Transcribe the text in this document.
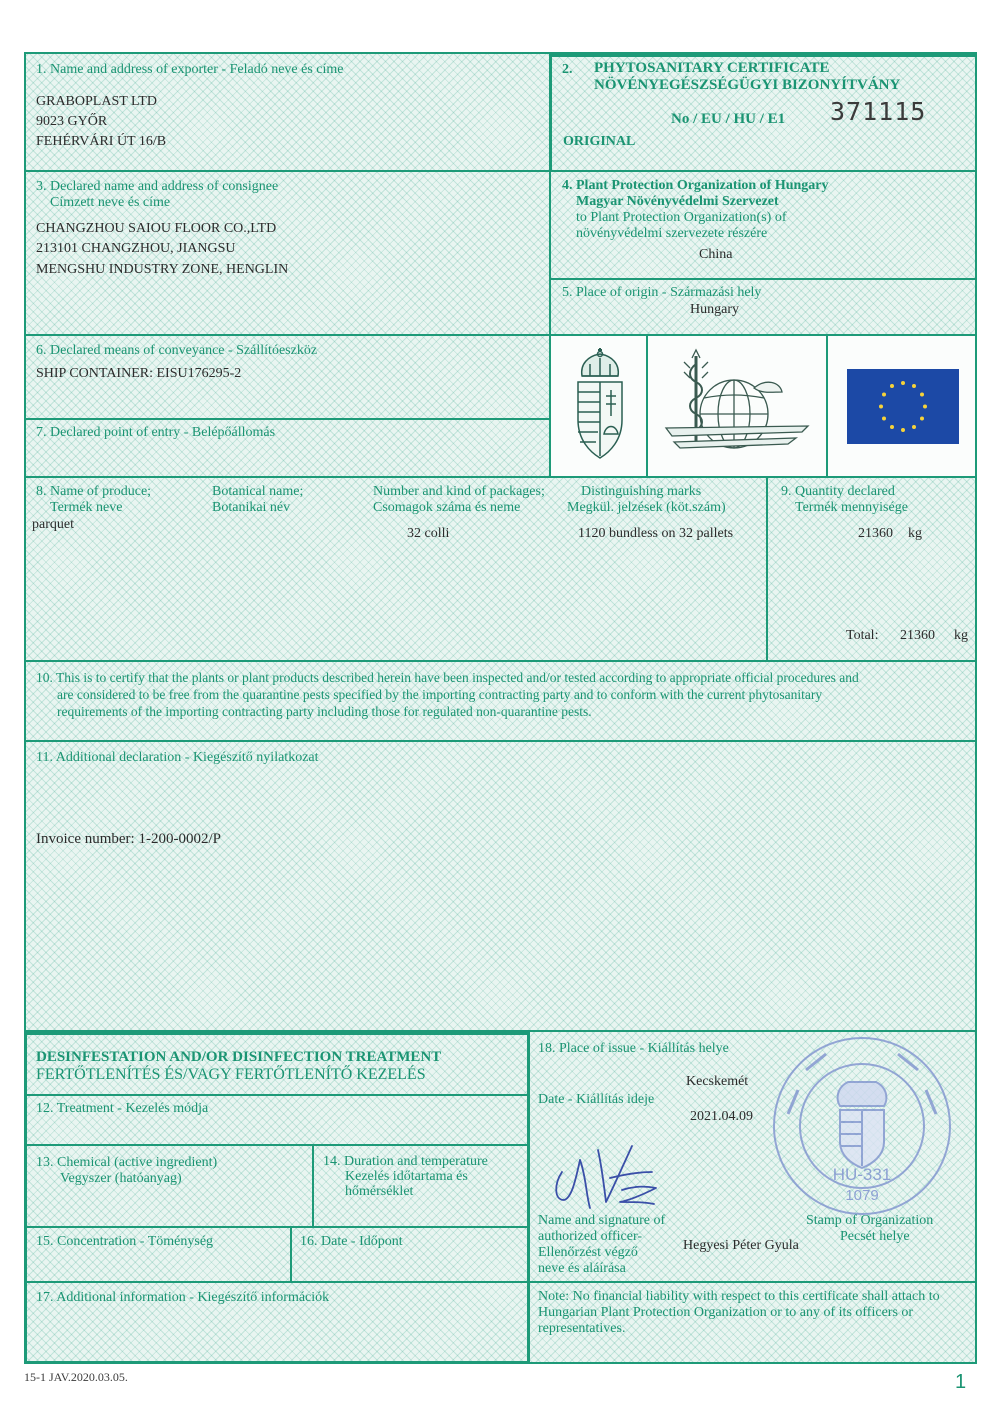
1. Name and address of exporter - Feladó neve és címe
GRABOPLAST LTD
9023 GYŐR
FEHÉRVÁRI ÚT 16/B
2. PHYTOSANITARY CERTIFICATE
NÖVÉNYEGÉSZSÉGÜGYI BIZONYÍTVÁNY
No / EU / HU / E1 371115
ORIGINAL
3. Declared name and address of consignee
Címzett neve és címe
CHANGZHOU SAIOU FLOOR CO.,LTD
213101 CHANGZHOU, JIANGSU
MENGSHU INDUSTRY ZONE, HENGLIN
4. Plant Protection Organization of Hungary
Magyar Növényvédelmi Szervezet
to Plant Protection Organization(s) of
növényvédelmi szervezete részére
China
5. Place of origin - Származási hely
Hungary
6. Declared means of conveyance - Szállítóeszköz
SHIP CONTAINER: EISU176295-2
7. Declared point of entry - Belépőállomás
8. Name of produce;
Termék neve
Botanical name;
Botanikai név
Number and kind of packages;
Csomagok száma és neme
Distinguishing marks
Megkül. jelzések (köt.szám)
parquet
32 colli	1120 bundless on 32 pallets
9. Quantity declared
Termék mennyisége
21360 kg
Total: 21360 kg
10. This is to certify that the plants or plant products described herein have been inspected and/or tested according to appropriate official procedures and
are considered to be free from the quarantine pests specified by the importing contracting party and to conform with the current phytosanitary
requirements of the importing contracting party including those for regulated non-quarantine pests.
11. Additional declaration - Kiegészítő nyilatkozat
Invoice number: 1-200-0002/P
DESINFESTATION AND/OR DISINFECTION TREATMENT
FERTŐTLENÍTÉS ÉS/VAGY FERTŐTLENÍTŐ KEZELÉS
12. Treatment - Kezelés módja
13. Chemical (active ingredient)
Vegyszer (hatóanyag)
14. Duration and temperature
Kezelés időtartama és
hőmérséklet
15. Concentration - Töménység	16. Date - Időpont
17. Additional information - Kiegészítő információk
18. Place of issue - Kiállítás helye
Kecskemét
Date - Kiállítás ideje
2021.04.09
Name and signature of
authorized officer-
Ellenőrzést végző
neve és aláírása
Hegyesi Péter Gyula
HU-331
1079
Stamp of Organization
Pecsét helye
Note: No financial liability with respect to this certificate shall attach to
Hungarian Plant Protection Organization or to any of its officers or
representatives.
15-1 JAV.2020.03.05.	1
